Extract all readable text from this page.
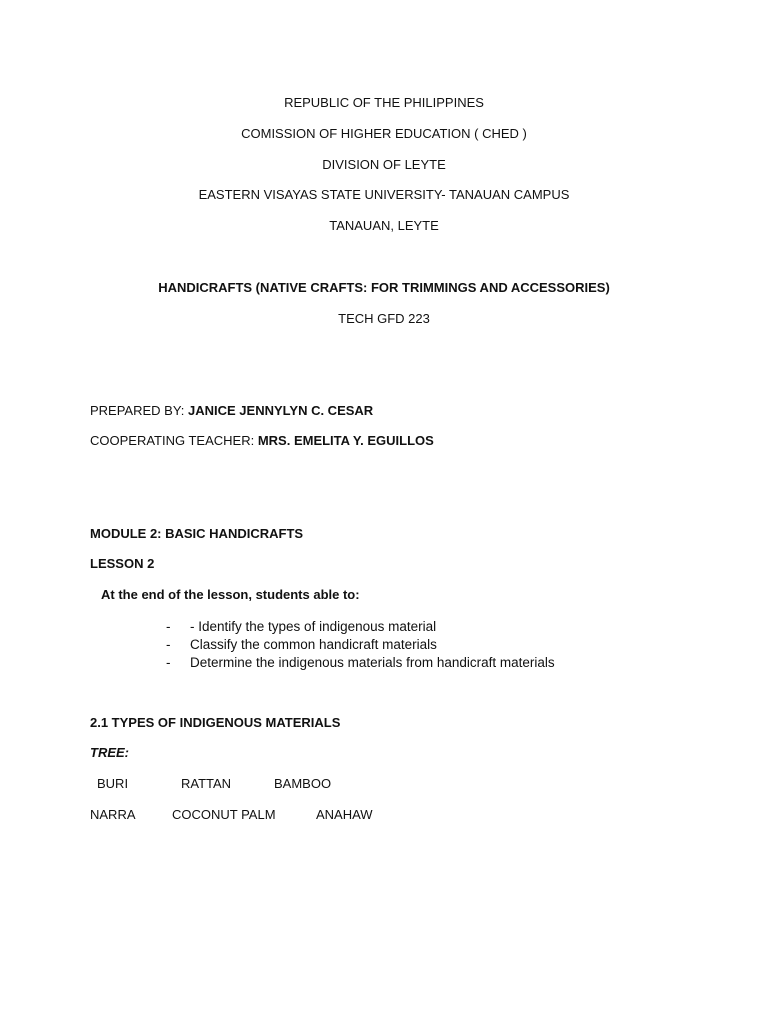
REPUBLIC OF THE PHILIPPINES
COMISSION OF HIGHER EDUCATION ( CHED )
DIVISION OF LEYTE
EASTERN VISAYAS STATE UNIVERSITY- TANAUAN CAMPUS
TANAUAN, LEYTE
HANDICRAFTS (NATIVE CRAFTS: FOR TRIMMINGS AND ACCESSORIES)
TECH GFD 223
PREPARED BY: JANICE JENNYLYN C. CESAR
COOPERATING TEACHER: MRS. EMELITA Y. EGUILLOS
MODULE 2: BASIC HANDICRAFTS
LESSON 2
At the end of the lesson, students able to:
- - Identify the types of indigenous material
- Classify the common handicraft materials
- Determine the indigenous materials from handicraft materials
2.1 TYPES OF INDIGENOUS MATERIALS
TREE:
BURI	RATTAN	BAMBOO
NARRA	COCONUT PALM	ANAHAW
